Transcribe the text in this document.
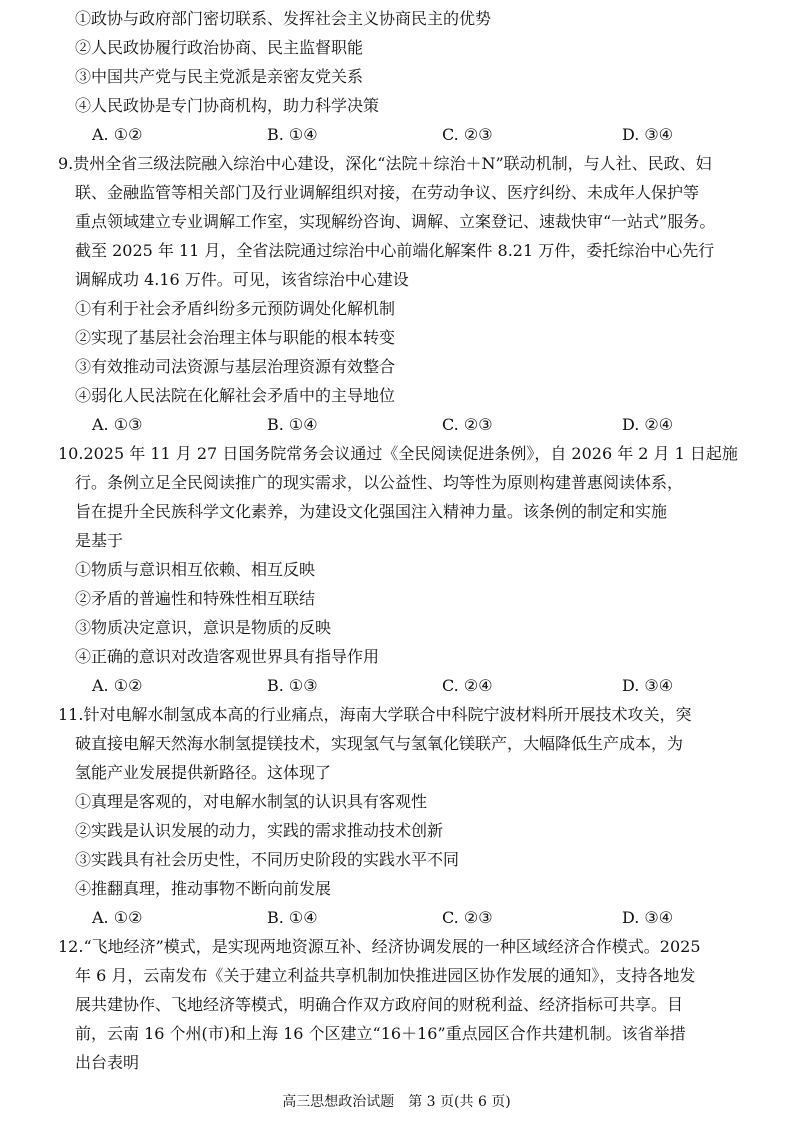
①政协与政府部门密切联系、发挥社会主义协商民主的优势
②人民政协履行政治协商、民主监督职能
③中国共产党与民主党派是亲密友党关系
④人民政协是专门协商机构，助力科学决策
A. ①②	B. ①④	C. ②③	D. ③④
9.贵州全省三级法院融入综治中心建设，深化“法院＋综治＋N”联动机制，与人社、民政、妇
联、金融监管等相关部门及行业调解组织对接，在劳动争议、医疗纠纷、未成年人保护等
重点领域建立专业调解工作室，实现解纷咨询、调解、立案登记、速裁快审“一站式”服务。
截至 2025 年 11 月，全省法院通过综治中心前端化解案件 8.21 万件，委托综治中心先行
调解成功 4.16 万件。可见，该省综治中心建设
①有利于社会矛盾纠纷多元预防调处化解机制
②实现了基层社会治理主体与职能的根本转变
③有效推动司法资源与基层治理资源有效整合
④弱化人民法院在化解社会矛盾中的主导地位
A. ①③	B. ①④	C. ②③	D. ②④
10.2025 年 11 月 27 日国务院常务会议通过《全民阅读促进条例》，自 2026 年 2 月 1 日起施
行。条例立足全民阅读推广的现实需求，以公益性、均等性为原则构建普惠阅读体系，
旨在提升全民族科学文化素养，为建设文化强国注入精神力量。该条例的制定和实施
是基于
①物质与意识相互依赖、相互反映
②矛盾的普遍性和特殊性相互联结
③物质决定意识，意识是物质的反映
④正确的意识对改造客观世界具有指导作用
A. ①②	B. ①③	C. ②④	D. ③④
11.针对电解水制氢成本高的行业痛点，海南大学联合中科院宁波材料所开展技术攻关，突
破直接电解天然海水制氢提镁技术，实现氢气与氢氧化镁联产，大幅降低生产成本，为
氢能产业发展提供新路径。这体现了
①真理是客观的，对电解水制氢的认识具有客观性
②实践是认识发展的动力，实践的需求推动技术创新
③实践具有社会历史性，不同历史阶段的实践水平不同
④推翻真理，推动事物不断向前发展
A. ①②	B. ①④	C. ②③	D. ③④
12.“飞地经济”模式，是实现两地资源互补、经济协调发展的一种区域经济合作模式。2025
年 6 月，云南发布《关于建立利益共享机制加快推进园区协作发展的通知》，支持各地发
展共建协作、飞地经济等模式，明确合作双方政府间的财税利益、经济指标可共享。目
前，云南 16 个州(市)和上海 16 个区建立“16＋16”重点园区合作共建机制。该省举措
出台表明
高三思想政治试题　第 3 页(共 6 页)
